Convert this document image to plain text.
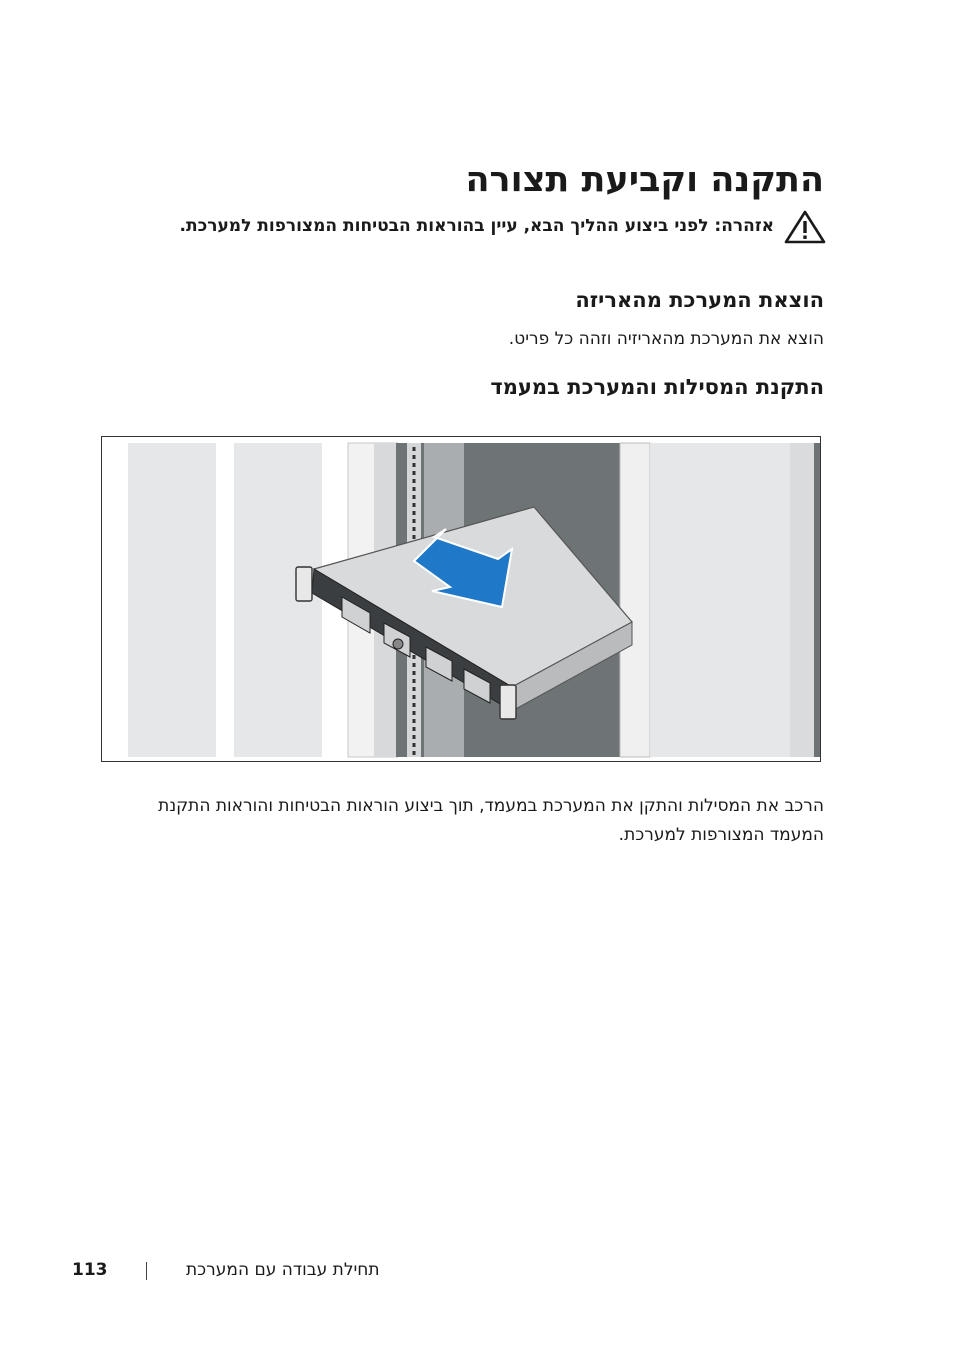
התקנה וקביעת תצורה
אזהרה: לפני ביצוע ההליך הבא, עיין בהוראות הבטיחות המצורפות למערכת.
הוצאת המערכת מהאריזה

הוצא את המערכת מהאריזיה וזהה כל פריט.

התקנת המסילות והמערכת במעמד

הרכב את המסילות והתקן את המערכת במעמד, תוך ביצוע הוראות הבטיחות והוראות התקנת המעמד המצורפות למערכת.

113	תחילת עבודה עם המערכת
